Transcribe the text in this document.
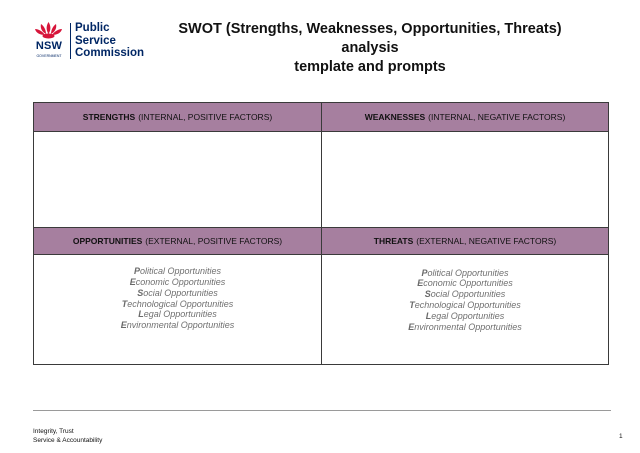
NSW
GOVERNMENT
Public
Service
Commission
SWOT (Strengths, Weaknesses, Opportunities, Threats) analysis
template and prompts
STRENGTHS (INTERNAL, POSITIVE FACTORS)	WEAKNESSES (INTERNAL, NEGATIVE FACTORS)
OPPORTUNITIES (EXTERNAL, POSITIVE FACTORS)	THREATS (EXTERNAL, NEGATIVE FACTORS)
Political Opportunities
Economic Opportunities
Social Opportunities
Technological Opportunities
Legal Opportunities
Environmental Opportunities
Political Opportunities
Economic Opportunities
Social Opportunities
Technological Opportunities
Legal Opportunities
Environmental Opportunities
Integrity, Trust
Service & Accountability
1
